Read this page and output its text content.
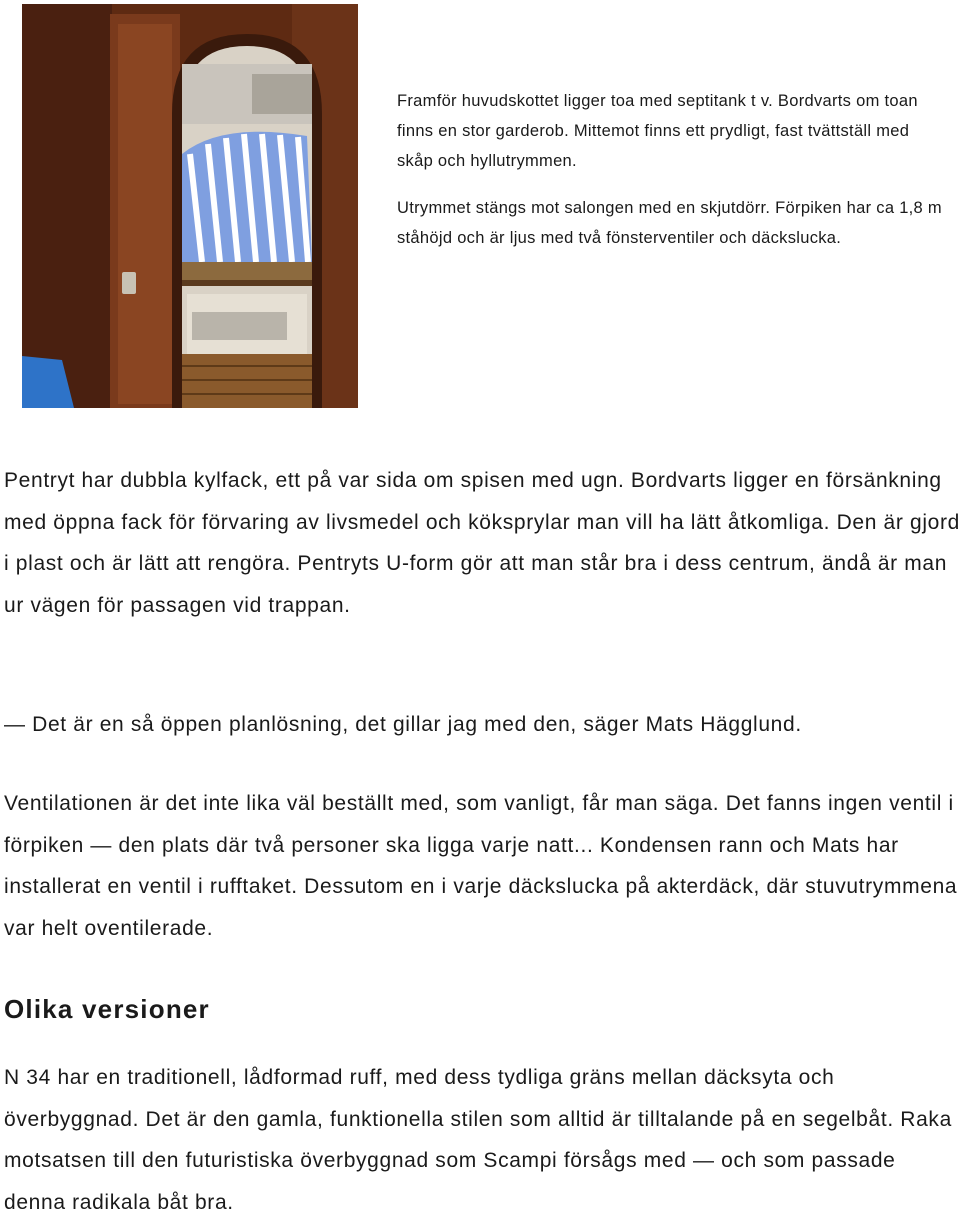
Framför huvudskottet ligger toa med septitank t v. Bordvarts om toan finns en stor garderob. Mittemot finns ett prydligt, fast tvättställ med skåp och hyllutrymmen.

Utrymmet stängs mot salongen med en skjutdörr. Förpiken har ca 1,8 m ståhöjd och är ljus med två fönsterventiler och däckslucka.

Pentryt har dubbla kylfack, ett på var sida om spisen med ugn. Bordvarts ligger en försänkning med öppna fack för förvaring av livsmedel och köksprylar man vill ha lätt åtkomliga. Den är gjord i plast och är lätt att rengöra. Pentryts U-form gör att man står bra i dess centrum, ändå är man ur vägen för passagen vid trappan.

— Det är en så öppen planlösning, det gillar jag med den, säger Mats Hägglund.

Ventilationen är det inte lika väl beställt med, som vanligt, får man säga. Det fanns ingen ventil i förpiken — den plats där två personer ska ligga varje natt... Kondensen rann och Mats har installerat en ventil i rufftaket. Dessutom en i varje däckslucka på akterdäck, där stuvutrymmena var helt oventilerade.

Olika versioner

N 34 har en traditionell, lådformad ruff, med dess tydliga gräns mellan däcksyta och överbyggnad. Det är den gamla, funktionella stilen som alltid är tilltalande på en segelbåt. Raka motsatsen till den futuristiska överbyggnad som Scampi försågs med — och som passade denna radikala båt bra.
